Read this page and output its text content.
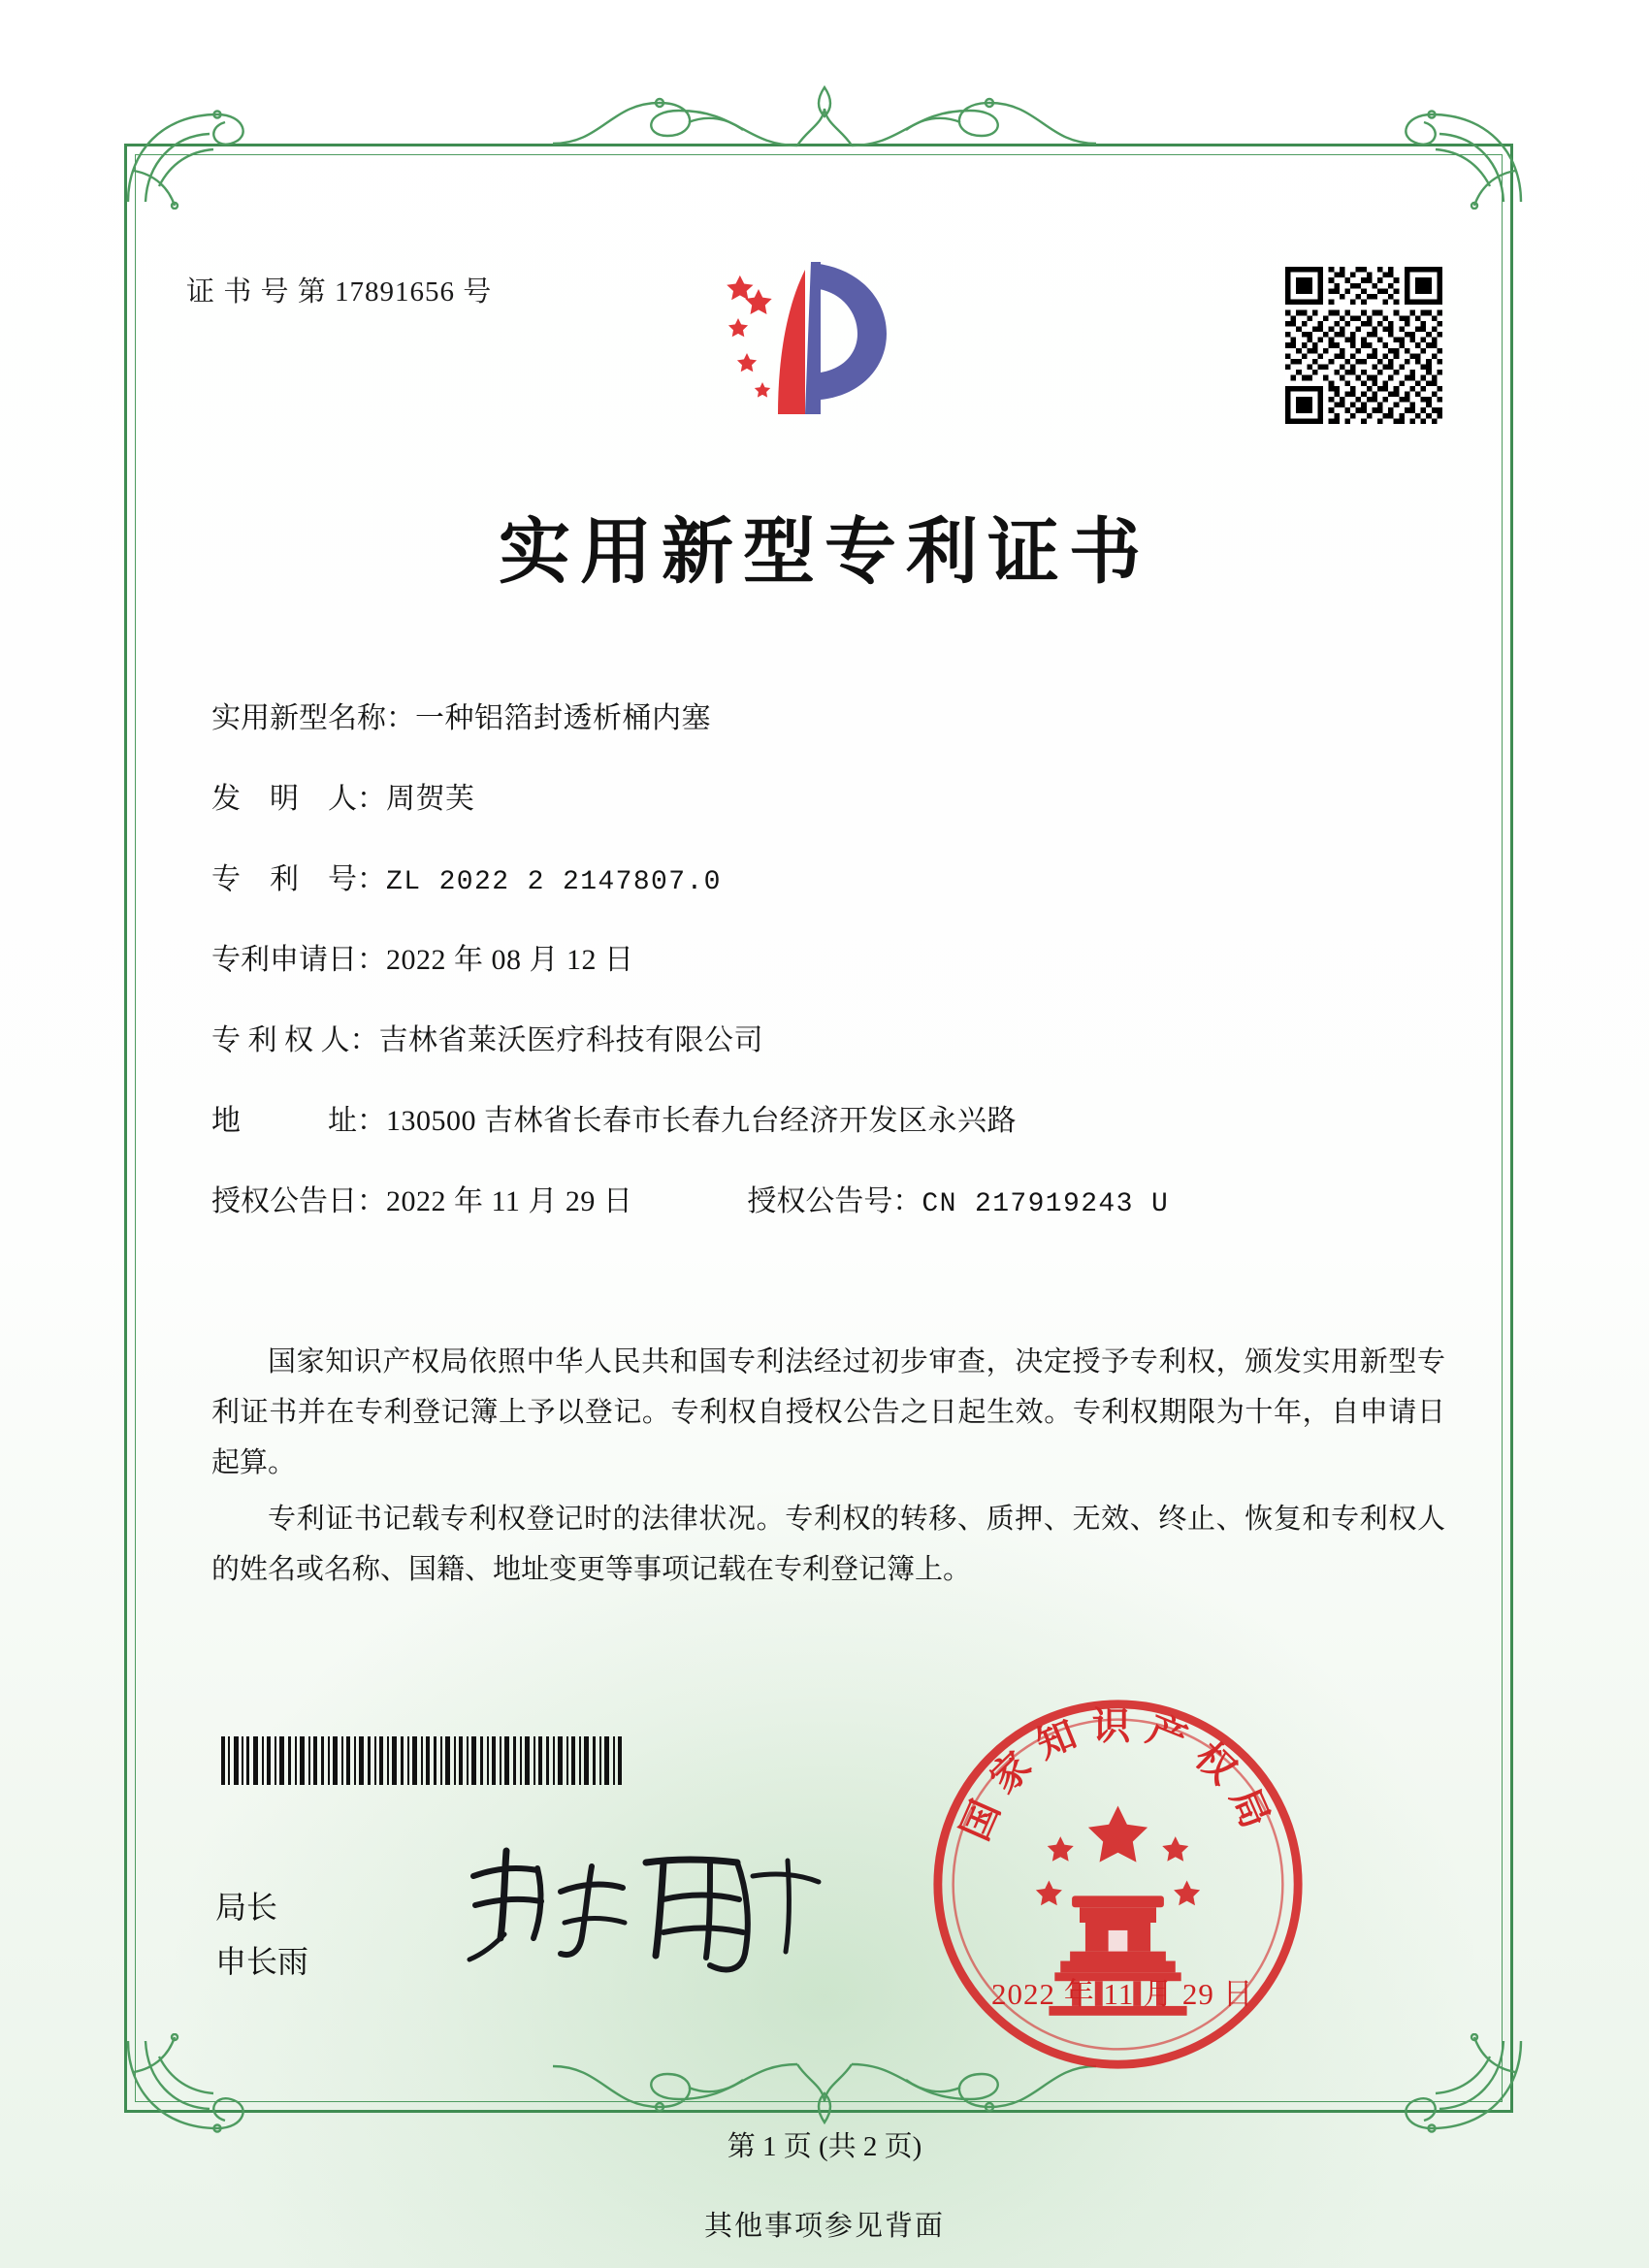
证 书 号 第 17891656 号
实用新型专利证书
实用新型名称： 一种铝箔封透析桶内塞
发　明　人： 周贺芙
专　利　号： ZL 2022 2 2147807.0
专利申请日： 2022 年 08 月 12 日
专 利 权 人： 吉林省莱沃医疗科技有限公司
地　　　址： 130500 吉林省长春市长春九台经济开发区永兴路
授权公告日： 2022 年 11 月 29 日	授权公告号： CN 217919243 U

国家知识产权局依照中华人民共和国专利法经过初步审查，决定授予专利权，颁发实用新型专利证书并在专利登记簿上予以登记。专利权自授权公告之日起生效。专利权期限为十年，自申请日起算。

专利证书记载专利权登记时的法律状况。专利权的转移、质押、无效、终止、恢复和专利权人的姓名或名称、国籍、地址变更等事项记载在专利登记簿上。

局长
申长雨
国家知识产权局
2022 年 11 月 29 日
第 1 页 (共 2 页)
其他事项参见背面
